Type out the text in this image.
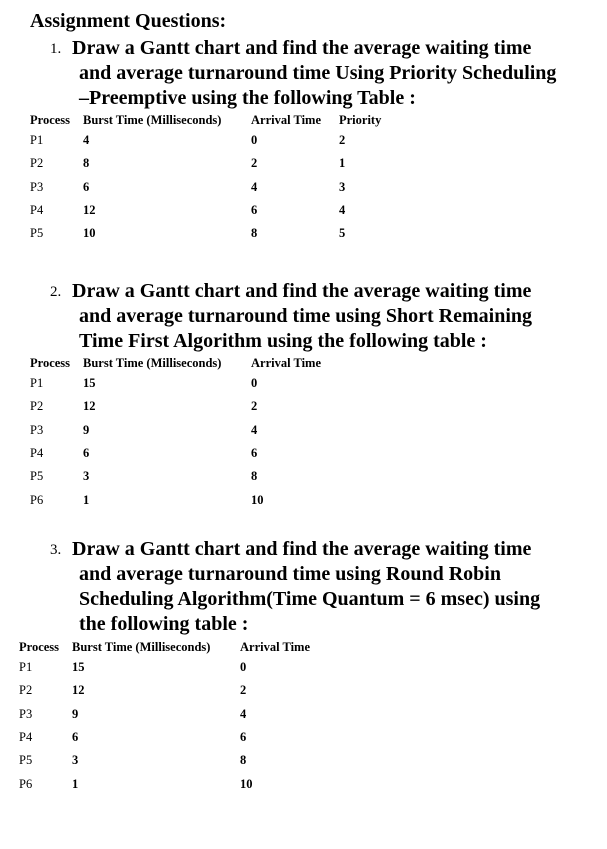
Assignment Questions:
1. Draw a Gantt chart and find the average waiting time
and average turnaround time Using Priority Scheduling
–Preemptive using the following Table :
Process	Burst Time (Milliseconds)	Arrival Time	Priority
P1	4	0	2
P2	8	2	1
P3	6	4	3
P4	12	6	4
P5	10	8	5
2. Draw a Gantt chart and find the average waiting time
and average turnaround time using Short Remaining
Time First Algorithm using the following table :
Process	Burst Time (Milliseconds)	Arrival Time
P1	15	0
P2	12	2
P3	9	4
P4	6	6
P5	3	8
P6	1	10
3. Draw a Gantt chart and find the average waiting time
and average turnaround time using Round Robin
Scheduling Algorithm(Time Quantum = 6 msec) using
the following table :
Process	Burst Time (Milliseconds)	Arrival Time
P1	15	0
P2	12	2
P3	9	4
P4	6	6
P5	3	8
P6	1	10
